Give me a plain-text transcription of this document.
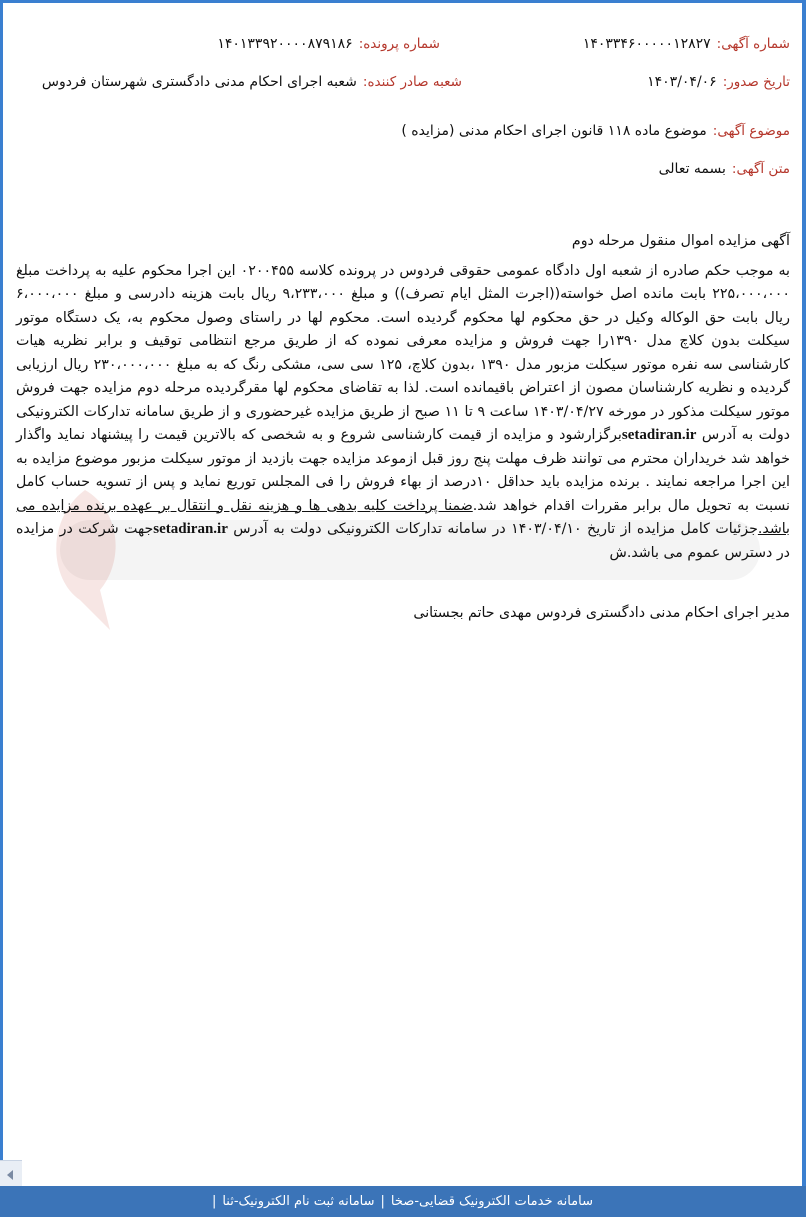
شماره آگهی:
۱۴۰۳۳۴۶۰۰۰۰۰۱۲۸۲۷
شماره پرونده:
۱۴۰۱۳۳۹۲۰۰۰۰۸۷۹۱۸۶
تاریخ صدور:
۱۴۰۳/۰۴/۰۶
شعبه صادر کننده:
شعبه اجرای احکام مدنی دادگستری شهرستان فردوس
موضوع آگهی:
موضوع ماده ۱۱۸ قانون اجرای احکام مدنی (مزایده )
متن آگهی:
بسمه تعالی

آگهی مزایده اموال منقول مرحله دوم

به موجب حکم صادره از شعبه اول دادگاه عمومی حقوقی فردوس در پرونده کلاسه ۰۲۰۰۴۵۵ این اجرا محکوم علیه به پرداخت مبلغ ۲۲۵،۰۰۰،۰۰۰ بابت مانده اصل خواسته((اجرت المثل ایام تصرف)) و مبلغ ۹،۲۳۳،۰۰۰ ریال بابت هزینه دادرسی و مبلغ ۶،۰۰۰،۰۰۰ ریال بابت حق الوکاله وکیل در حق محکوم لها محکوم گردیده است. محکوم لها در راستای وصول محکوم به، یک دستگاه موتور سیکلت بدون کلاچ مدل ۱۳۹۰را جهت فروش و مزایده معرفی نموده که از طریق مرجع انتظامی توقیف و برابر نظریه هیات کارشناسی سه نفره موتور سیکلت مزبور مدل ۱۳۹۰ ،بدون کلاچ، ۱۲۵ سی سی، مشکی رنگ که به مبلغ ۲۳۰،۰۰۰،۰۰۰ ریال ارزیابی گردیده و نظریه کارشناسان مصون از اعتراض باقیمانده است. لذا به تقاضای محکوم لها مقرگردیده مرحله دوم مزایده جهت فروش موتور سیکلت مذکور در مورخه ۱۴۰۳/۰۴/۲۷ ساعت ۹ تا ۱۱ صبح از طریق مزایده غیرحضوری و از طریق سامانه تدارکات الکترونیکی دولت به آدرس setadiran.irبرگزارشود و مزایده از قیمت کارشناسی شروع و به شخصی که بالاترین قیمت را پیشنهاد نماید واگذار خواهد شد خریداران محترم می توانند ظرف مهلت پنج روز قبل ازموعد مزایده جهت بازدید از موتور سیکلت مزبور موضوع مزایده به این اجرا مراجعه نمایند . برنده مزایده باید حداقل ۱۰درصد از بهاء فروش را فی المجلس توریع نماید و پس از تسویه حساب کامل نسبت به تحویل مال برابر مقررات اقدام خواهد شد.ضمنا پرداخت کلیه بدهی ها و هزینه نقل و انتقال بر عهده برنده مزایده می باشد.جزئیات کامل مزایده از تاریخ ۱۴۰۳/۰۴/۱۰ در سامانه تدارکات الکترونیکی دولت به آدرس setadiran.irجهت شرکت در مزایده در دسترس عموم می باشد.ش

مدیر اجرای احکام مدنی دادگستری فردوس مهدی حاتم بجستانی
سامانه خدمات الکترونیک قضایی-صخا
|
سامانه ثبت نام الکترونیک-ثنا
|
